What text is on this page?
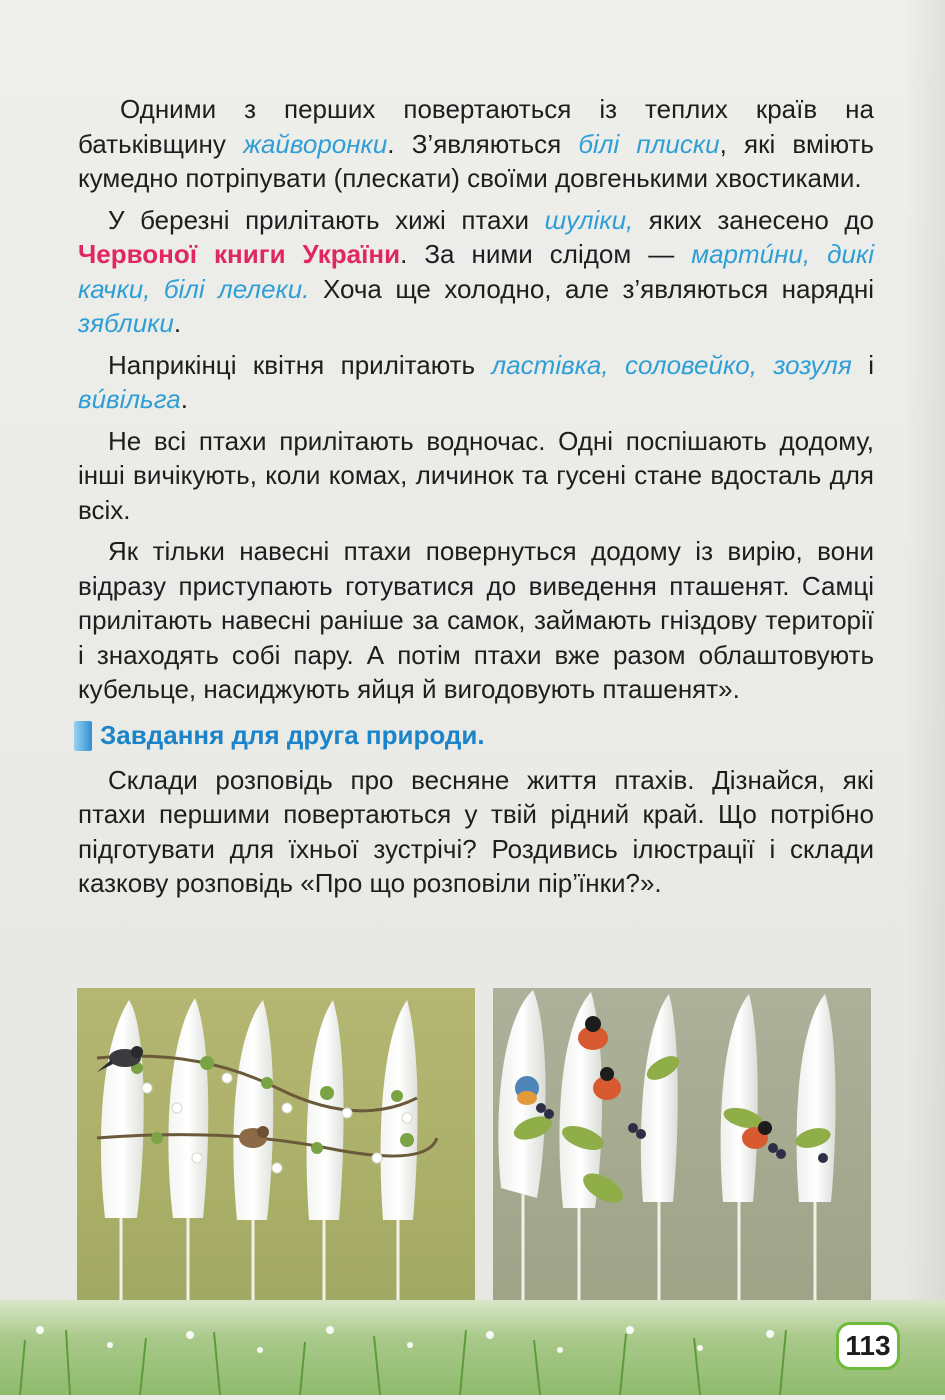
Одними з перших повертаються із теплих країв на батьківщину жайворонки. З’являються білі плиски, які вміють кумедно потріпувати (плескати) своїми довгенькими хвостиками.

У березні прилітають хижі птахи шуліки, яких занесено до Червоної книги України. За ними слідом — мартúни, дикі качки, білі лелеки. Хоча ще холодно, але з’являються нарядні зяблики.

Наприкінці квітня прилітають ластівка, соловейко, зозуля і вúвільга.

Не всі птахи прилітають водночас. Одні поспішають додому, інші вичікують, коли комах, личинок та гусені стане вдосталь для всіх.

Як тільки навесні птахи повернуться додому із вирію, вони відразу приступають готуватися до виведення пташенят. Самці прилітають навесні раніше за самок, займають гніздову території і знаходять собі пару. А потім птахи вже разом облаштовують кубельце, насиджують яйця й вигодовують пташенят».

Завдання для друга природи.

Склади розповідь про весняне життя птахів. Дізнайся, які птахи першими повертаються у твій рідний край. Що потрібно підготувати для їхньої зустрічі? Роздивись ілюстрації і склади казкову розповідь «Про що розповіли пір’їнки?».

113
